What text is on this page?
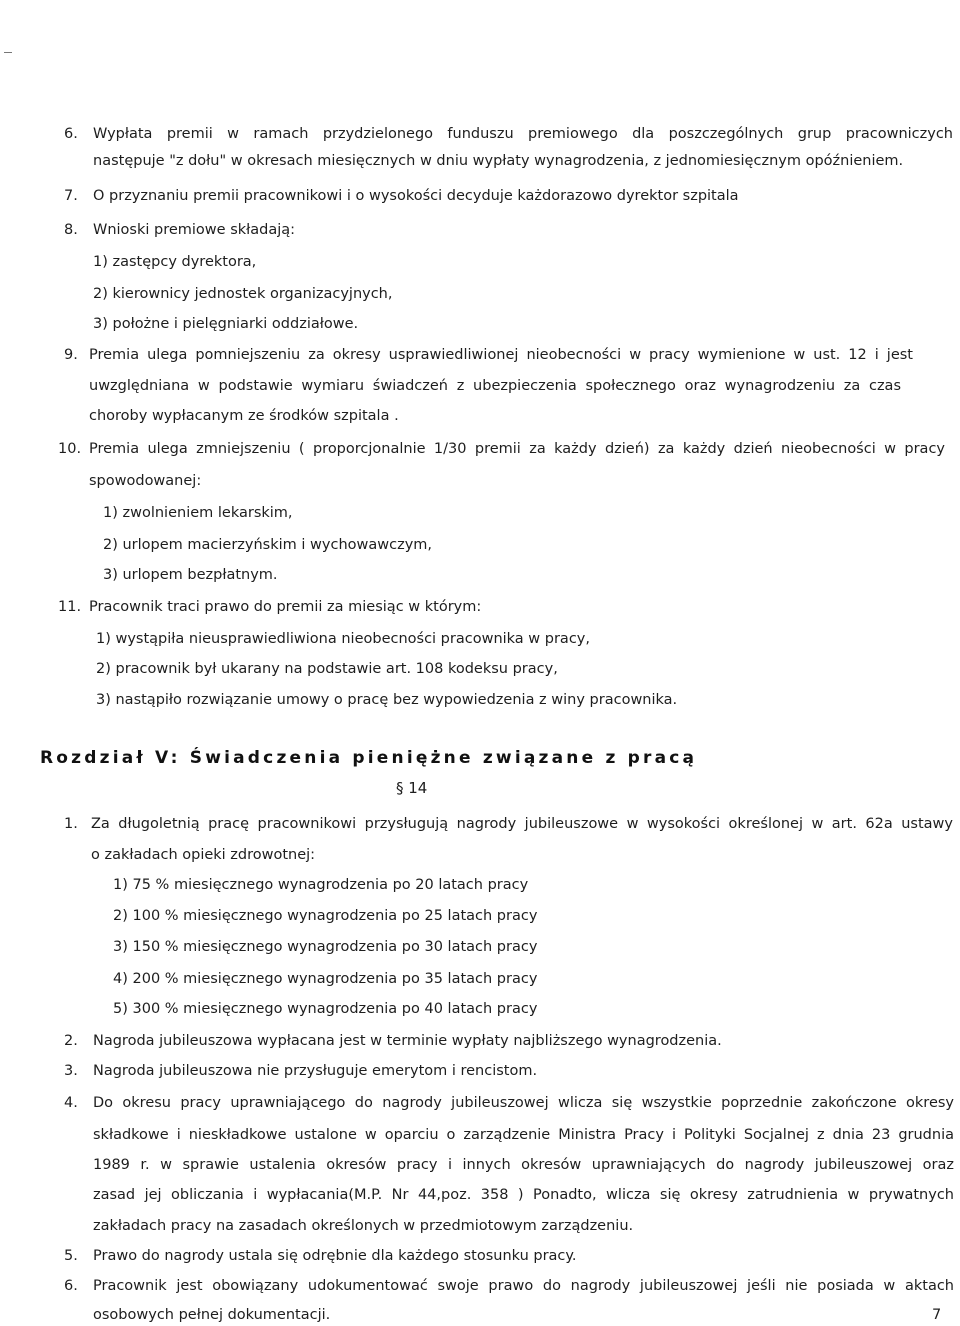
6. Wypłata premii w ramach przydzielonego funduszu premiowego dla poszczególnych grup pracowniczych
następuje "z dołu" w okresach miesięcznych w dniu wypłaty wynagrodzenia, z jednomiesięcznym opóźnieniem.
7. O przyznaniu premii pracownikowi i o wysokości decyduje każdorazowo dyrektor szpitala
8. Wnioski premiowe składają:
1) zastępcy dyrektora,
2) kierownicy jednostek organizacyjnych,
3) położne i pielęgniarki oddziałowe.
9. Premia ulega pomniejszeniu za okresy usprawiedliwionej nieobecności w pracy wymienione w ust. 12 i jest
uwzględniana w podstawie wymiaru świadczeń z ubezpieczenia społecznego oraz wynagrodzeniu za czas
choroby wypłacanym ze środków szpitala .
10. Premia ulega zmniejszeniu ( proporcjonalnie 1/30 premii za każdy dzień) za każdy dzień nieobecności w pracy
spowodowanej:
1) zwolnieniem lekarskim,
2) urlopem macierzyńskim i wychowawczym,
3) urlopem bezpłatnym.
11. Pracownik traci prawo do premii za miesiąc w którym:
1) wystąpiła nieusprawiedliwiona nieobecności pracownika w pracy,
2) pracownik był ukarany na podstawie art. 108 kodeksu pracy,
3) nastąpiło rozwiązanie umowy o pracę bez wypowiedzenia z winy pracownika.
Rozdział V: Świadczenia pieniężne związane z pracą
§ 14
1. Za długoletnią pracę pracownikowi przysługują nagrody jubileuszowe w wysokości określonej w art. 62a ustawy
o zakładach opieki zdrowotnej:
1) 75 % miesięcznego wynagrodzenia po 20 latach pracy
2) 100 % miesięcznego wynagrodzenia po 25 latach pracy
3) 150 % miesięcznego wynagrodzenia po 30 latach pracy
4) 200 % miesięcznego wynagrodzenia po 35 latach pracy
5) 300 % miesięcznego wynagrodzenia po 40 latach pracy
2. Nagroda jubileuszowa wypłacana jest w terminie wypłaty najbliższego wynagrodzenia.
3. Nagroda jubileuszowa nie przysługuje emerytom i rencistom.
4. Do okresu pracy uprawniającego do nagrody jubileuszowej wlicza się wszystkie poprzednie zakończone okresy
składkowe i nieskładkowe ustalone w oparciu o zarządzenie Ministra Pracy i Polityki Socjalnej z dnia 23 grudnia
1989 r. w sprawie ustalenia okresów pracy i innych okresów uprawniających do nagrody jubileuszowej oraz
zasad jej obliczania i wypłacania(M.P. Nr 44,poz. 358 ) Ponadto, wlicza się okresy zatrudnienia w prywatnych
zakładach pracy na zasadach określonych w przedmiotowym zarządzeniu.
5. Prawo do nagrody ustala się odrębnie dla każdego stosunku pracy.
6. Pracownik jest obowiązany udokumentować swoje prawo do nagrody jubileuszowej jeśli nie posiada w aktach
osobowych pełnej dokumentacji.	7
